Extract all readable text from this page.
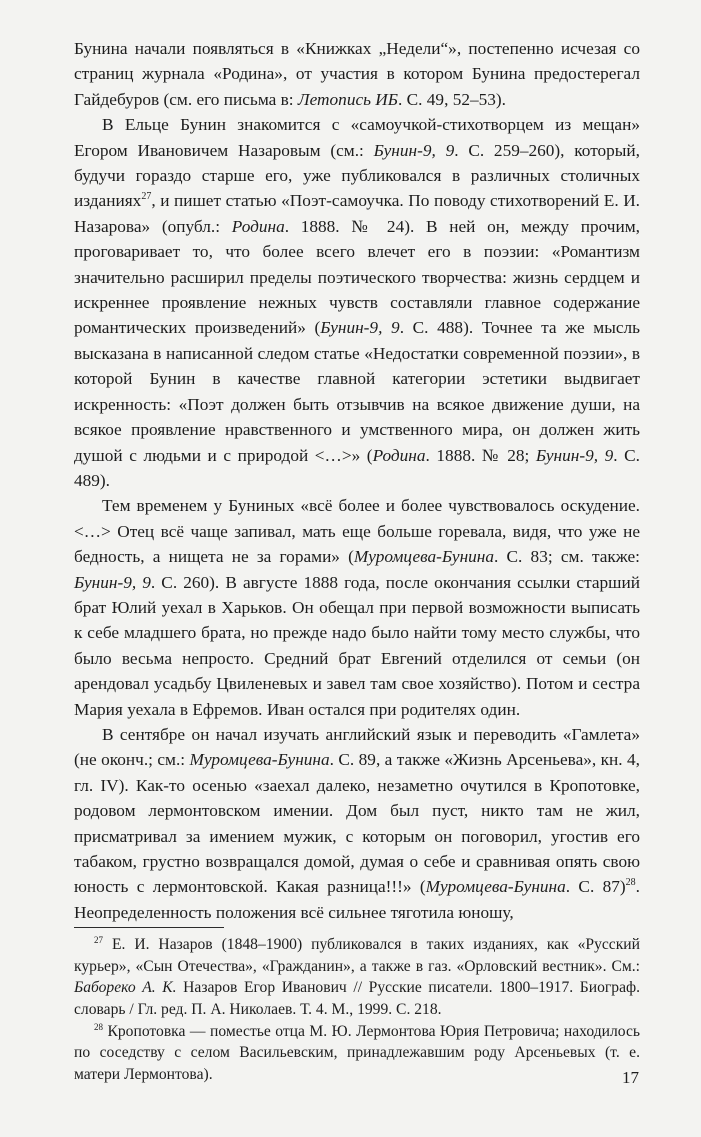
Бунина начали появляться в «Книжках „Недели“», постепенно исчезая со страниц журнала «Родина», от участия в котором Бунина предостерегал Гайдебуров (см. его письма в: Летопись ИБ. С. 49, 52–53).

В Ельце Бунин знакомится с «самоучкой-стихотворцем из мещан» Егором Ивановичем Назаровым (см.: Бунин-9, 9. С. 259–260), который, будучи гораздо старше его, уже публиковался в различных столичных изданиях$^{27}$, и пишет статью «Поэт-самоучка. По поводу стихотворений Е. И. Назарова» (опубл.: Родина. 1888. № 24). В ней он, между прочим, проговаривает то, что более всего влечет его в поэзии: «Романтизм значительно расширил пределы поэтического творчества: жизнь сердцем и искреннее проявление нежных чувств составляли главное содержание романтических произведений» (Бунин-9, 9. С. 488). Точнее та же мысль высказана в написанной следом статье «Недостатки современной поэзии», в которой Бунин в качестве главной категории эстетики выдвигает искренность: «Поэт должен быть отзывчив на всякое движение души, на всякое проявление нравственного и умственного мира, он должен жить душой с людьми и с природой <…>» (Родина. 1888. № 28; Бунин-9, 9. С. 489).

Тем временем у Буниных «всё более и более чувствовалось оскудение. <…> Отец всё чаще запивал, мать еще больше горевала, видя, что уже не бедность, а нищета не за горами» (Муромцева-Бунина. С. 83; см. также: Бунин-9, 9. С. 260). В августе 1888 года, после окончания ссылки старший брат Юлий уехал в Харьков. Он обещал при первой возможности выписать к себе младшего брата, но прежде надо было найти тому место службы, что было весьма непросто. Средний брат Евгений отделился от семьи (он арендовал усадьбу Цвиленевых и завел там свое хозяйство). Потом и сестра Мария уехала в Ефремов. Иван остался при родителях один.

В сентябре он начал изучать английский язык и переводить «Гамлета» (не оконч.; см.: Муромцева-Бунина. С. 89, а также «Жизнь Арсеньева», кн. 4, гл. IV). Как-то осенью «заехал далеко, незаметно очутился в Кропотовке, родовом лермонтовском имении. Дом был пуст, никто там не жил, присматривал за имением мужик, с которым он поговорил, угостив его табаком, грустно возвращался домой, думая о себе и сравнивая опять свою юность с лермонтовской. Какая разница!!!» (Муромцева-Бунина. С. 87)$^{28}$. Неопределенность положения всё сильнее тяготила юношу,

$^{27}$ Е. И. Назаров (1848–1900) публиковался в таких изданиях, как «Русский курьер», «Сын Отечества», «Гражданин», а также в газ. «Орловский вестник». См.: Бабореко А. К. Назаров Егор Иванович // Русские писатели. 1800–1917. Биограф. словарь / Гл. ред. П. А. Николаев. Т. 4. М., 1999. С. 218.

$^{28}$ Кропотовка — поместье отца М. Ю. Лермонтова Юрия Петровича; находилось по соседству с селом Васильевским, принадлежавшим роду Арсеньевых (т. е. матери Лермонтова).	17
